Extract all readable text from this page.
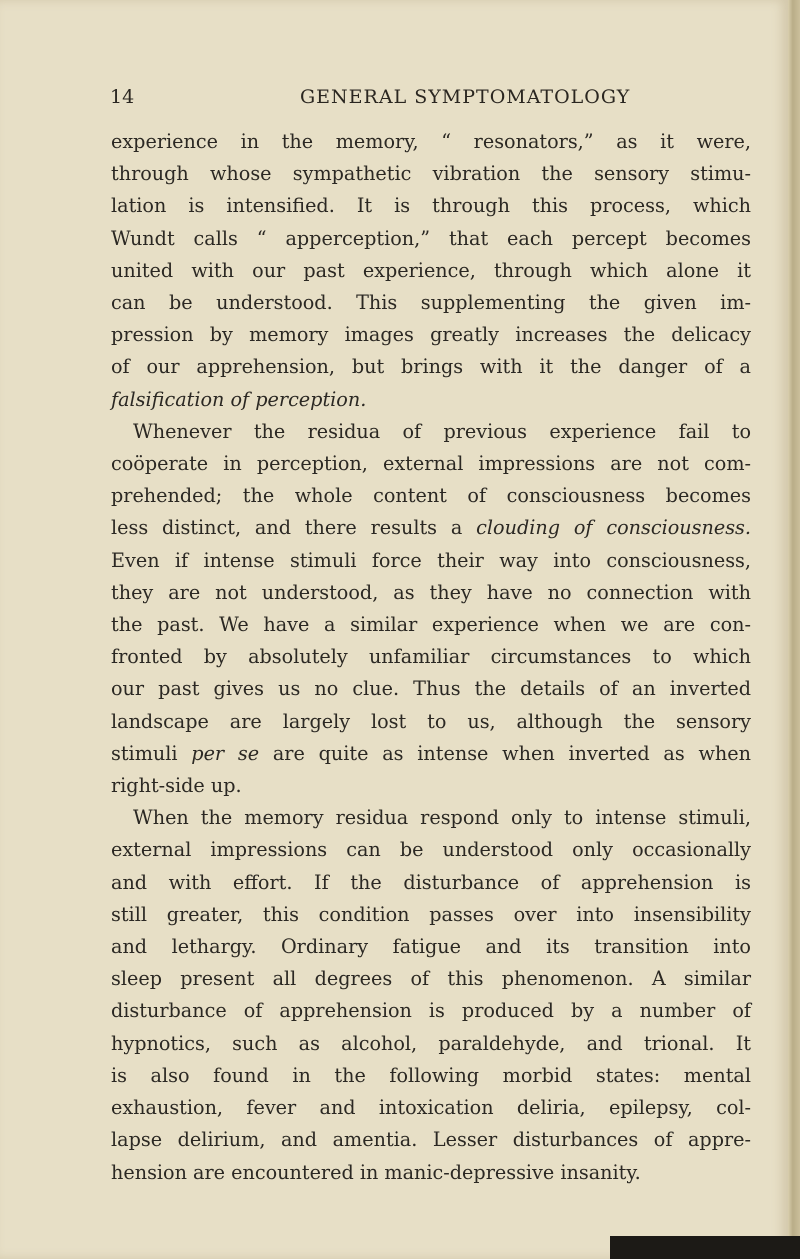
14	GENERAL SYMPTOMATOLOGY
experience in the memory, “ resonators,” as it were,
through whose sympathetic vibration the sensory stimu-
lation is intensified. It is through this process, which
Wundt calls “ apperception,” that each percept becomes
united with our past experience, through which alone it
can be understood. This supplementing the given im-
pression by memory images greatly increases the delicacy
of our apprehension, but brings with it the danger of a
falsification of perception.
Whenever the residua of previous experience fail to
coöperate in perception, external impressions are not com-
prehended; the whole content of consciousness becomes
less distinct, and there results a clouding of consciousness.
Even if intense stimuli force their way into consciousness,
they are not understood, as they have no connection with
the past. We have a similar experience when we are con-
fronted by absolutely unfamiliar circumstances to which
our past gives us no clue. Thus the details of an inverted
landscape are largely lost to us, although the sensory
stimuli per se are quite as intense when inverted as when
right-side up.
When the memory residua respond only to intense stimuli,
external impressions can be understood only occasionally
and with effort. If the disturbance of apprehension is
still greater, this condition passes over into insensibility
and lethargy. Ordinary fatigue and its transition into
sleep present all degrees of this phenomenon. A similar
disturbance of apprehension is produced by a number of
hypnotics, such as alcohol, paraldehyde, and trional. It
is also found in the following morbid states: mental
exhaustion, fever and intoxication deliria, epilepsy, col-
lapse delirium, and amentia. Lesser disturbances of appre-
hension are encountered in manic-depressive insanity.
